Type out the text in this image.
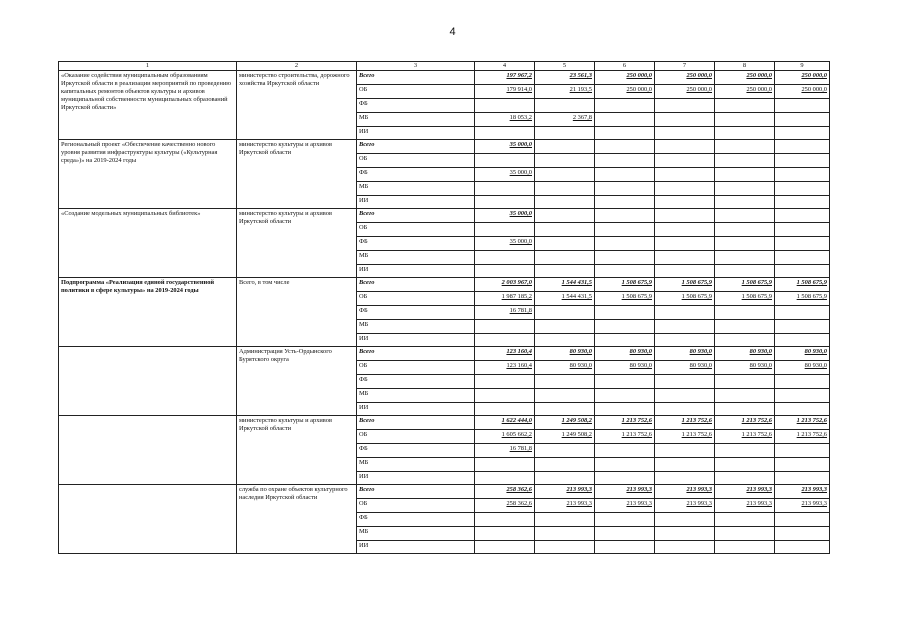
4
1	2	3	4	5	6	7	8	9
«Оказание содействия муниципальным образованиям Иркутской области в реализации мероприятий по проведению капитальных ремонтов объектов культуры и архивов муниципальной собственности муниципальных образований Иркутской области»	министерство строительства, дорожного хозяйства Иркутской области	Всего	197 967,2	23 561,3	250 000,0	250 000,0	250 000,0	250 000,0
		ОБ	179 914,0	21 193,5	250 000,0	250 000,0	250 000,0	250 000,0
		ФБ						
		МБ	18 053,2	2 367,8				
		ИИ						
Региональный проект «Обеспечение качественно нового уровня развития инфраструктуры культуры («Культурная среда»)» на 2019-2024 годы	министерство культуры и архивов Иркутской области	Всего	35 000,0					
		ОБ						
		ФБ	35 000,0					
		МБ						
		ИИ						
«Создание модельных муниципальных библиотек»	министерство культуры и архивов Иркутской области	Всего	35 000,0					
		ОБ						
		ФБ	35 000,0					
		МБ						
		ИИ						
Подпрограмма «Реализация единой государственной политики в сфере культуры» на 2019-2024 годы	Всего, в том числе	Всего	2 003 967,0	1 544 431,5	1 508 675,9	1 508 675,9	1 508 675,9	1 508 675,9
		ОБ	1 987 185,2	1 544 431,5	1 508 675,9	1 508 675,9	1 508 675,9	1 508 675,9
		ФБ	16 781,8					
		МБ						
		ИИ						
	Администрация Усть-Ордынского Бурятского округа	Всего	123 160,4	80 930,0	80 930,0	80 930,0	80 930,0	80 930,0
		ОБ	123 160,4	80 930,0	80 930,0	80 930,0	80 930,0	80 930,0
		ФБ						
		МБ						
		ИИ						
	министерство культуры и архивов Иркутской области	Всего	1 622 444,0	1 249 508,2	1 213 752,6	1 213 752,6	1 213 752,6	1 213 752,6
		ОБ	1 605 662,2	1 249 508,2	1 213 752,6	1 213 752,6	1 213 752,6	1 213 752,6
		ФБ	16 781,8					
		МБ						
		ИИ						
	служба по охране объектов культурного наследия Иркутской области	Всего	258 362,6	213 993,3	213 993,3	213 993,3	213 993,3	213 993,3
		ОБ	258 362,6	213 993,3	213 993,3	213 993,3	213 993,3	213 993,3
		ФБ						
		МБ						
		ИИ						
